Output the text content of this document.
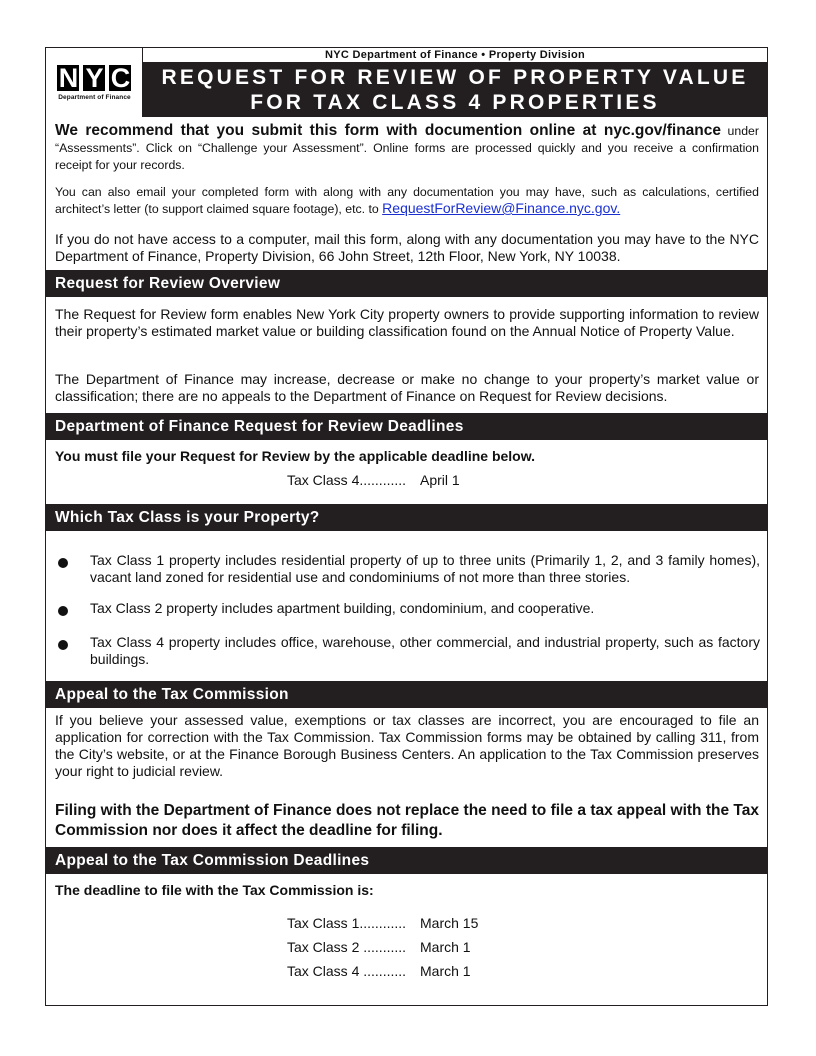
N Y C
Department of Finance
NYC Department of Finance • Property Division
REQUEST FOR REVIEW OF PROPERTY VALUE
FOR TAX CLASS 4 PROPERTIES
We recommend that you submit this form with documention online at nyc.gov/finance under “Assessments”. Click on “Challenge your Assessment”. Online forms are processed quickly and you receive a confirmation receipt for your records.
You can also email your completed form with along with any documentation you may have, such as calculations, certified architect’s letter (to support claimed square footage), etc. to RequestForReview@Finance.nyc.gov.
If you do not have access to a computer, mail this form, along with any documentation you may have to the NYC Department of Finance, Property Division, 66 John Street, 12th Floor, New York, NY 10038.
Request for Review Overview
The Request for Review form enables New York City property owners to provide supporting information to review their property’s estimated market value or building classification found on the Annual Notice of Property Value.
The Department of Finance may increase, decrease or make no change to your property’s market value or classification; there are no appeals to the Department of Finance on Request for Review decisions.
Department of Finance Request for Review Deadlines
You must file your Request for Review by the applicable deadline below.
Tax Class 4............ April 1
Which Tax Class is your Property?
Tax Class 1 property includes residential property of up to three units (Primarily 1, 2, and 3 family homes), vacant land zoned for residential use and condominiums of not more than three stories.
Tax Class 2 property includes apartment building, condominium, and cooperative.
Tax Class 4 property includes office, warehouse, other commercial, and industrial property, such as factory buildings.
Appeal to the Tax Commission
If you believe your assessed value, exemptions or tax classes are incorrect, you are encouraged to file an application for correction with the Tax Commission. Tax Commission forms may be obtained by calling 311, from the City’s website, or at the Finance Borough Business Centers. An application to the Tax Commission preserves your right to judicial review.
Filing with the Department of Finance does not replace the need to file a tax appeal with the Tax Commission nor does it affect the deadline for filing.
Appeal to the Tax Commission Deadlines
The deadline to file with the Tax Commission is:
Tax Class 1............ March 15
Tax Class 2 ........... March 1
Tax Class 4 ........... March 1
